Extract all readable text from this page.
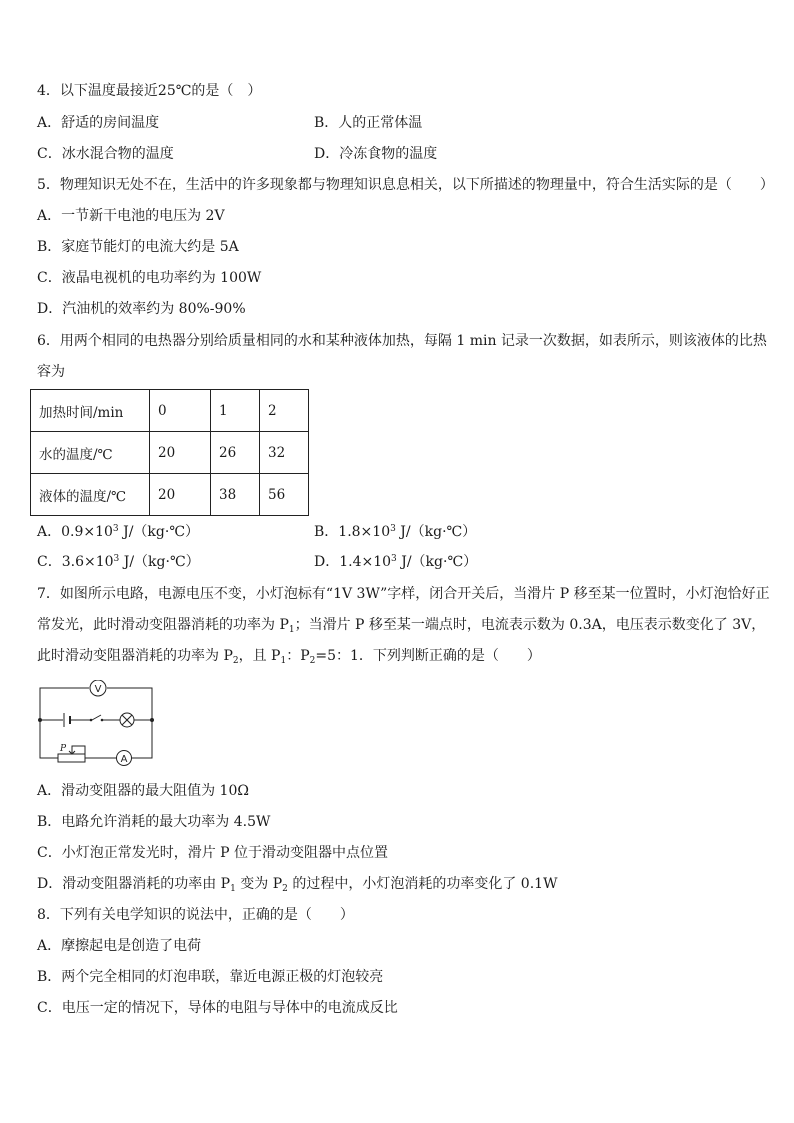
4．以下温度最接近25℃的是（　）
A．舒适的房间温度	B．人的正常体温
C．冰水混合物的温度	D．冷冻食物的温度
5．物理知识无处不在，生活中的许多现象都与物理知识息息相关，以下所描述的物理量中，符合生活实际的是（　　）
A．一节新干电池的电压为 2V
B．家庭节能灯的电流大约是 5A
C．液晶电视机的电功率约为 100W
D．汽油机的效率约为 80%-90%
6．用两个相同的电热器分别给质量相同的水和某种液体加热，每隔 1 min 记录一次数据，如表所示，则该液体的比热
容为
加热时间/min	0	1	2
水的温度/℃	20	26	32
液体的温度/℃	20	38	56
A．$0.9\times 10^3$ J/（kg·℃）	B．$1.8\times 10^3$ J/（kg·℃）
C．$3.6\times 10^3$ J/（kg·℃）	D．$1.4\times 10^3$ J/（kg·℃）
7．如图所示电路，电源电压不变，小灯泡标有“1V 3W”字样，闭合开关后，当滑片 P 移至某一位置时，小灯泡恰好正
常发光，此时滑动变阻器消耗的功率为 $P_1$；当滑片 P 移至某一端点时，电流表示数为 0.3A，电压表示数变化了 3V，
此时滑动变阻器消耗的功率为 $P_2$，且 $P_1$：$P_2=5$：1．下列判断正确的是（　　）
V
P
A
A．滑动变阻器的最大阻值为 10Ω
B．电路允许消耗的最大功率为 4.5W
C．小灯泡正常发光时，滑片 P 位于滑动变阻器中点位置
D．滑动变阻器消耗的功率由 $P_1$ 变为 $P_2$ 的过程中，小灯泡消耗的功率变化了 0.1W
8．下列有关电学知识的说法中，正确的是（　　）
A．摩擦起电是创造了电荷
B．两个完全相同的灯泡串联，靠近电源正极的灯泡较亮
C．电压一定的情况下，导体的电阻与导体中的电流成反比
